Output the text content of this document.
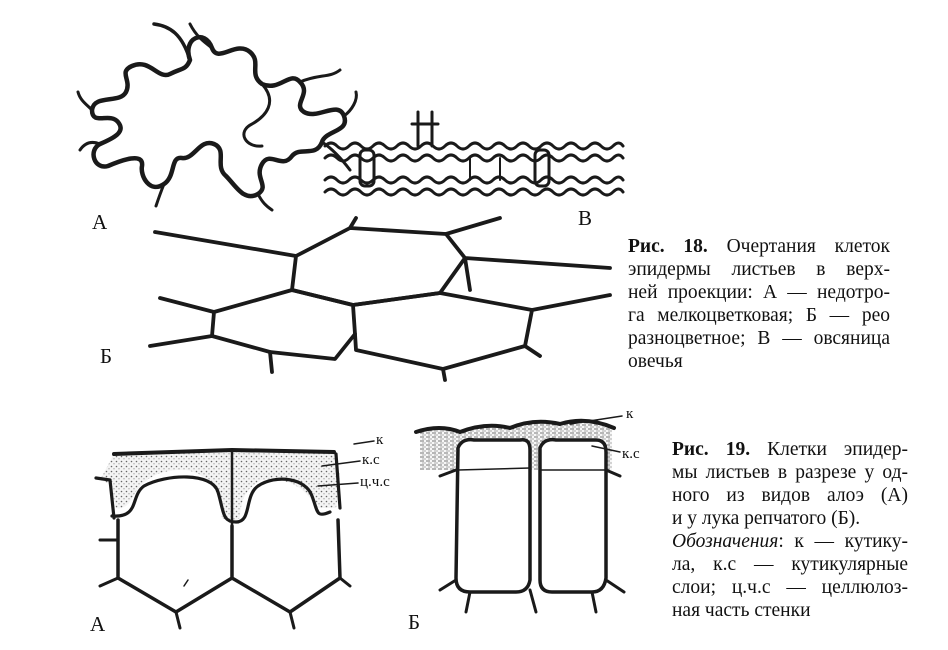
А	В
Б
Рис. 18. Очертания клеток
эпидермы листьев в верх-
ней проекции: А — недотро-
га мелкоцветковая; Б — рео
разноцветное; В — овсяница
овечья
к
к.с
ц.ч.с
к
к.с
А	Б
Рис. 19. Клетки эпидер-
мы листьев в разрезе у од-
ного из видов алоэ (А)
и у лука репчатого (Б).
Обозначения: к — кутику-
ла, к.с — кутикулярные
слои; ц.ч.с — целлюлоз-
ная часть стенки
